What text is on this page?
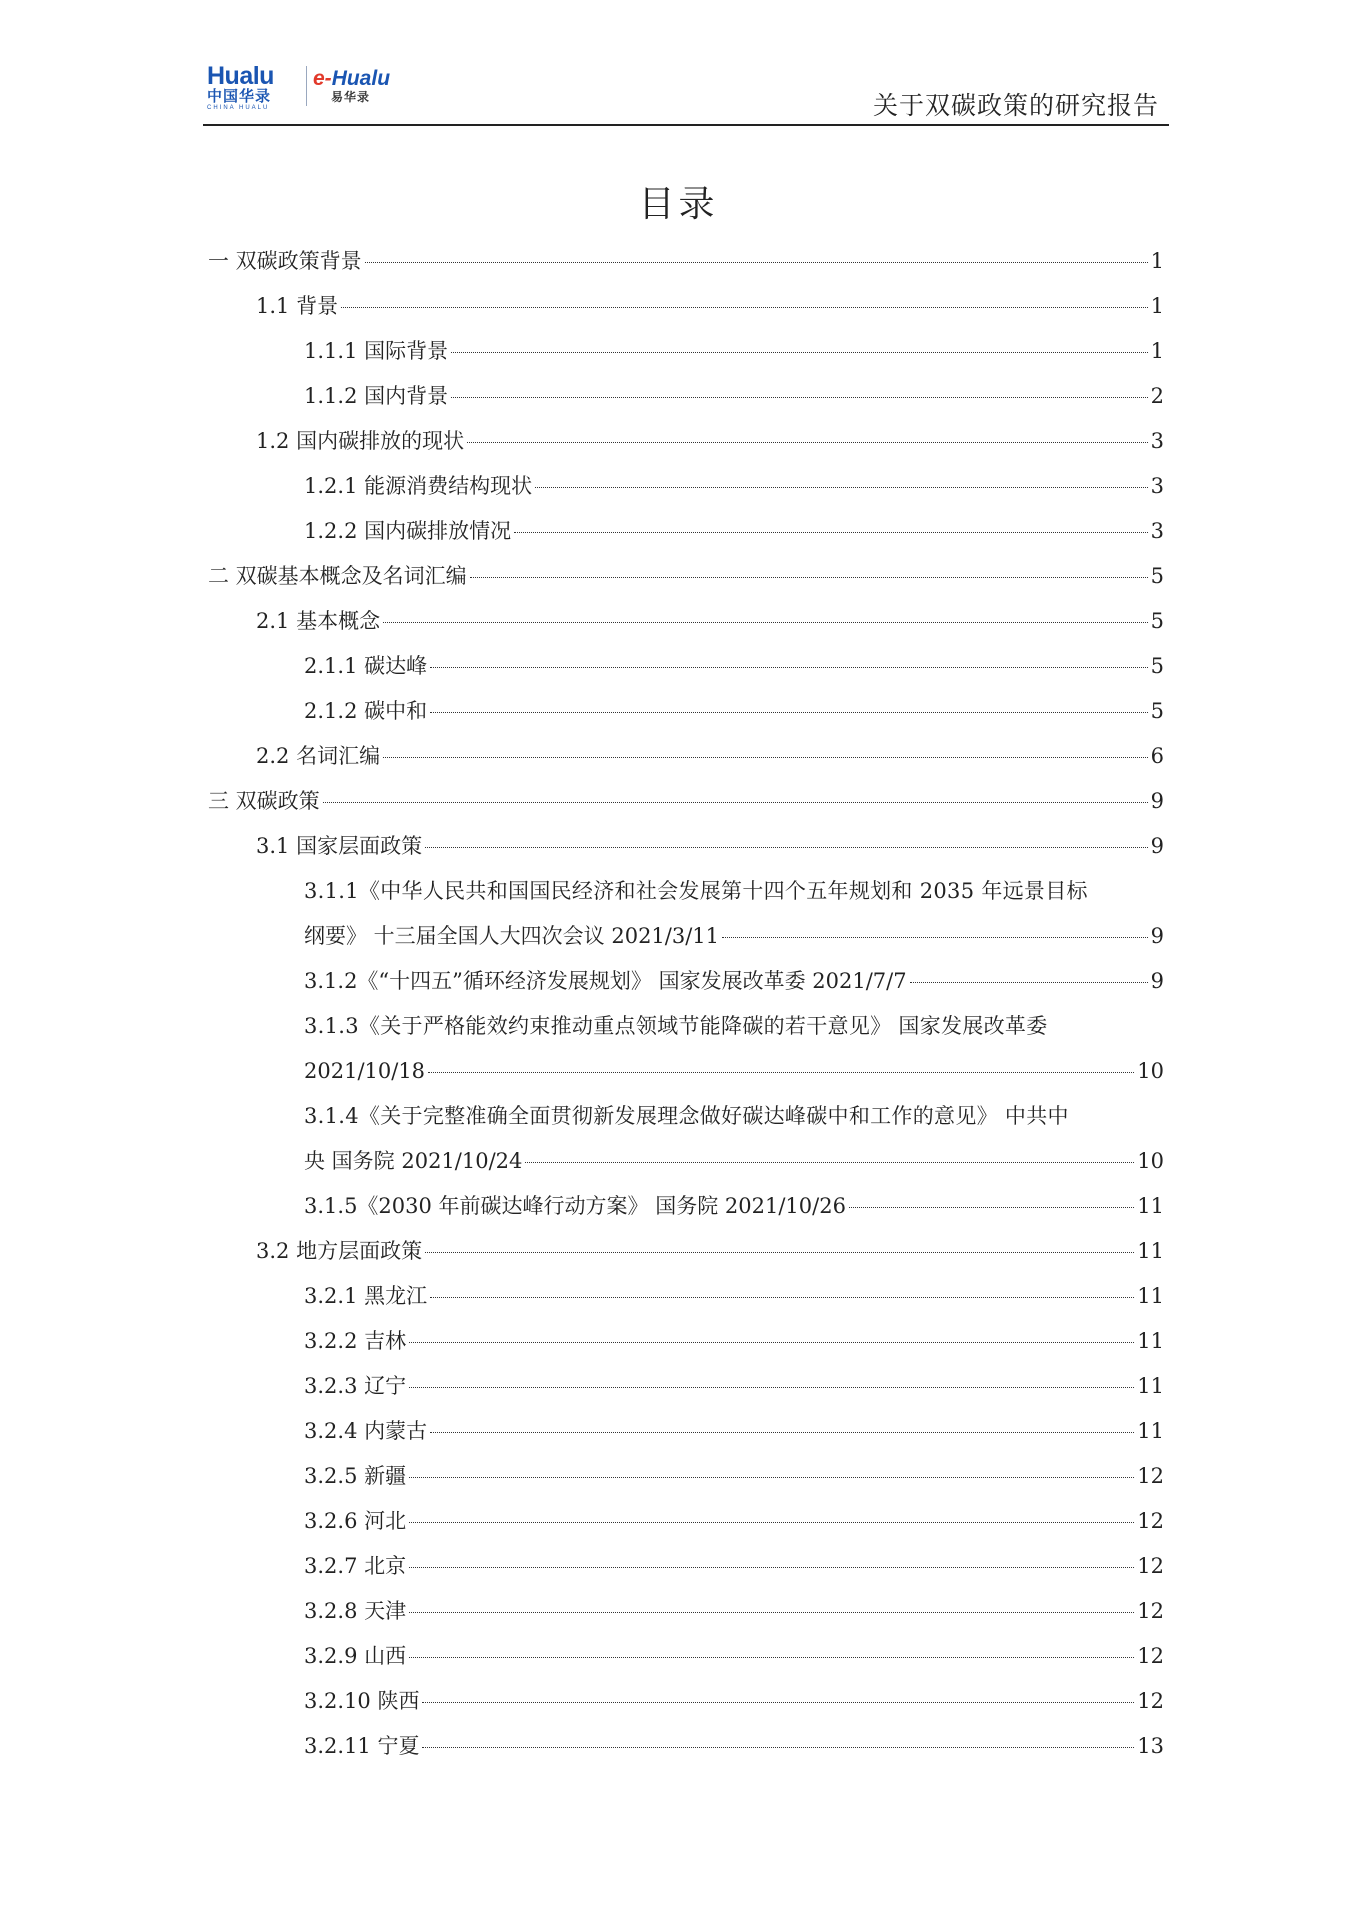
Hualu
中国华录
CHINA HUALU
e-Hualu
易华录	关于双碳政策的研究报告
目录
一 双碳政策背景	1
1.1 背景	1
1.1.1 国际背景	1
1.1.2 国内背景	2
1.2 国内碳排放的现状	3
1.2.1 能源消费结构现状	3
1.2.2 国内碳排放情况	3
二 双碳基本概念及名词汇编	5
2.1 基本概念	5
2.1.1 碳达峰	5
2.1.2 碳中和	5
2.2 名词汇编	6
三 双碳政策	9
3.1 国家层面政策	9
3.1.1《中华人民共和国国民经济和社会发展第十四个五年规划和 2035 年远景目标
纲要》 十三届全国人大四次会议 2021/3/11	9
3.1.2《“十四五”循环经济发展规划》 国家发展改革委 2021/7/7	9
3.1.3《关于严格能效约束推动重点领域节能降碳的若干意见》 国家发展改革委
2021/10/18	10
3.1.4《关于完整准确全面贯彻新发展理念做好碳达峰碳中和工作的意见》 中共中
央 国务院 2021/10/24	10
3.1.5《2030 年前碳达峰行动方案》 国务院 2021/10/26	11
3.2 地方层面政策	11
3.2.1 黑龙江	11
3.2.2 吉林	11
3.2.3 辽宁	11
3.2.4 内蒙古	11
3.2.5 新疆	12
3.2.6 河北	12
3.2.7 北京	12
3.2.8 天津	12
3.2.9 山西	12
3.2.10 陕西	12
3.2.11 宁夏	13
